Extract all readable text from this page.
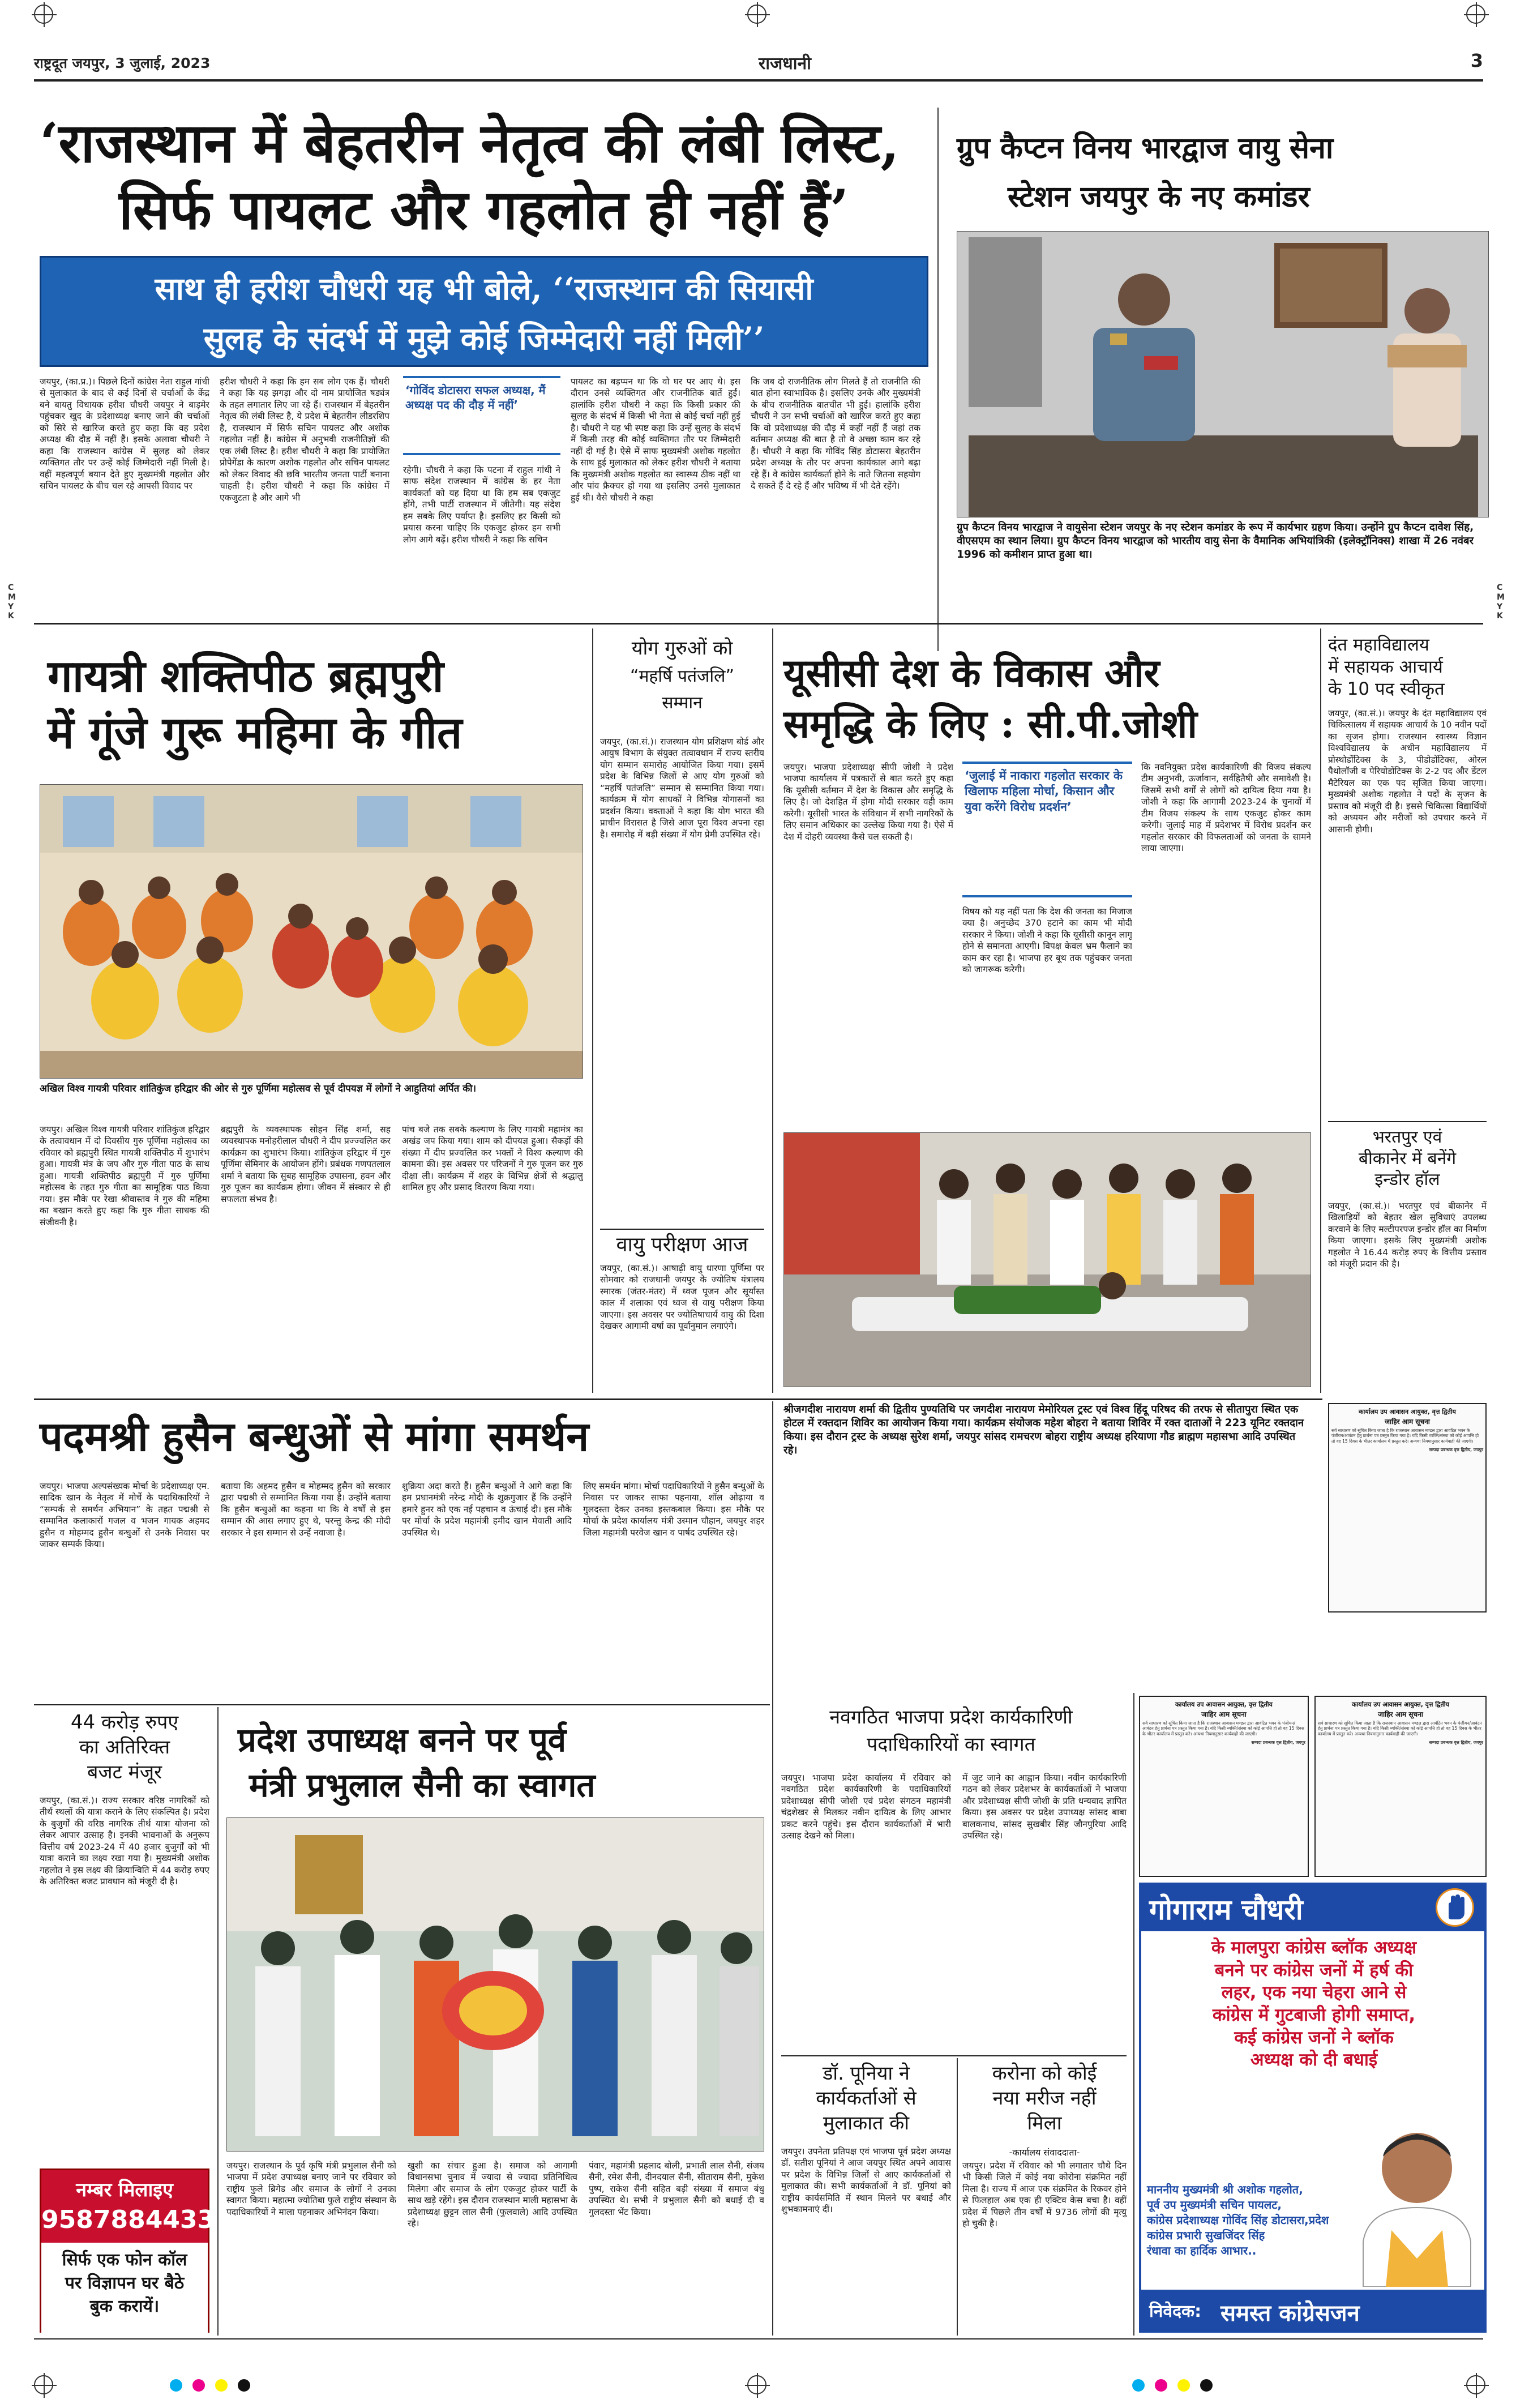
राष्ट्रदूत जयपुर, 3 जुलाई, 2023	राजधानी	3
‘राजस्थान में बेहतरीन नेतृत्व की लंबी लिस्ट,
सिर्फ पायलट और गहलोत ही नहीं हैं’
साथ ही हरीश चौधरी यह भी बोले, ‘‘राजस्थान की सियासी
सुलह के संदर्भ में मुझे कोई जिम्मेदारी नहीं मिली’’
जयपुर, (का.प्र.)। पिछले दिनों कांग्रेस नेता राहुल गांधी से मुलाकात के बाद से कई दिनों से चर्चाओं के केंद्र बने बायतु विधायक हरीश चौधरी जयपुर ने बाड़मेर पहुंचकर खुद के प्रदेशाध्यक्ष बनाए जाने की चर्चाओं को सिरे से खारिज करते हुए कहा कि वह प्रदेश अध्यक्ष की दौड़ में नहीं हैं। इसके अलावा चौधरी ने कहा कि राजस्थान कांग्रेस में सुलह को लेकर व्यक्तिगत तौर पर उन्हें कोई जिम्मेदारी नहीं मिली है। वहीं महत्वपूर्ण बयान देते हुए मुख्यमंत्री गहलोत और सचिन पायलट के बीच चल रहे आपसी विवाद पर
हरीश चौधरी ने कहा कि हम सब लोग एक हैं। चौधरी ने कहा कि यह झगड़ा और दो नाम प्रायोजित षड्यंत्र के तहत लगातार लिए जा रहे हैं। राजस्थान में बेहतरीन नेतृत्व की लंबी लिस्ट है, ये प्रदेश में बेहतरीन लीडरशिप है, राजस्थान में सिर्फ सचिन पायलट और अशोक गहलोत नहीं हैं। कांग्रेस में अनुभवी राजनीतिज्ञों की एक लंबी लिस्ट है। हरीश चौधरी ने कहा कि प्रायोजित प्रोपेगेंडा के कारण अशोक गहलोत और सचिन पायलट को लेकर विवाद की छवि भारतीय जनता पार्टी बनाना चाहती है। हरीश चौधरी ने कहा कि कांग्रेस में एकजुटता है और आगे भी
‘गोविंद डोटासरा सफल अध्यक्ष, मैं अध्यक्ष पद की दौड़ में नहीं’
रहेगी। चौधरी ने कहा कि पटना में राहुल गांधी ने साफ संदेश राजस्थान में कांग्रेस के हर नेता कार्यकर्ता को यह दिया था कि हम सब एकजुट होंगे, तभी पार्टी राजस्थान में जीतेगी। यह संदेश हम सबके लिए पर्याप्त है। इसलिए हर किसी को प्रयास करना चाहिए कि एकजुट होकर हम सभी लोग आगे बढ़ें। हरीश चौधरी ने कहा कि सचिन
पायलट का बड़प्पन था कि वो घर पर आए थे। इस दौरान उनसे व्यक्तिगत और राजनीतिक बातें हुईं। हालांकि हरीश चौधरी ने कहा कि किसी प्रकार की सुलह के संदर्भ में किसी भी नेता से कोई चर्चा नहीं हुई है। चौधरी ने यह भी स्पष्ट कहा कि उन्हें सुलह के संदर्भ में किसी तरह की कोई व्यक्तिगत तौर पर जिम्मेदारी नहीं दी गई है। ऐसे में साफ मुख्यमंत्री अशोक गहलोत के साथ हुई मुलाकात को लेकर हरीश चौधरी ने बताया कि मुख्यमंत्री अशोक गहलोत का स्वास्थ्य ठीक नहीं था और पांव फ्रैक्चर हो गया था इसलिए उनसे मुलाकात हुई थी। वैसे चौधरी ने कहा
कि जब दो राजनीतिक लोग मिलते हैं तो राजनीति की बात होना स्वाभाविक है। इसलिए उनके और मुख्यमंत्री के बीच राजनीतिक बातचीत भी हुई। हालांकि हरीश चौधरी ने उन सभी चर्चाओं को खारिज करते हुए कहा कि वो प्रदेशाध्यक्ष की दौड़ में कहीं नहीं हैं जहां तक वर्तमान अध्यक्ष की बात है तो वे अच्छा काम कर रहे हैं। चौधरी ने कहा कि गोविंद सिंह डोटासरा बेहतरीन प्रदेश अध्यक्ष के तौर पर अपना कार्यकाल आगे बढ़ा रहे हैं। वे कांग्रेस कार्यकर्ता होने के नाते जितना सहयोग दे सकते हैं दे रहे हैं और भविष्य में भी देते रहेंगे।
ग्रुप कैप्टन विनय भारद्वाज वायु सेना
स्टेशन जयपुर के नए कमांडर
ग्रुप कैप्टन विनय भारद्वाज ने वायुसेना स्टेशन जयपुर के नए स्टेशन कमांडर के रूप में कार्यभार ग्रहण किया। उन्होंने ग्रुप कैप्टन दावेश सिंह, वीएसएम का स्थान लिया। ग्रुप कैप्टन विनय भारद्वाज को भारतीय वायु सेना के वैमानिक अभियांत्रिकी (इलेक्ट्रॉनिक्स) शाखा में 26 नवंबर 1996 को कमीशन प्राप्त हुआ था।
C M Y K
C M Y K
गायत्री शक्तिपीठ ब्रह्मपुरी
में गूंजे गुरू महिमा के गीत
अखिल विश्व गायत्री परिवार शांतिकुंज हरिद्वार की ओर से गुरु पूर्णिमा महोत्सव से पूर्व दीपयज्ञ में लोगों ने आहुतियां अर्पित की।
जयपुर। अखिल विश्व गायत्री परिवार शांतिकुंज हरिद्वार के तत्वावधान में दो दिवसीय गुरु पूर्णिमा महोत्सव का रविवार को ब्रह्मपुरी स्थित गायत्री शक्तिपीठ में शुभारंभ हुआ। गायत्री मंत्र के जप और गुरु गीता पाठ के साथ हुआ। गायत्री शक्तिपीठ ब्रह्मपुरी में गुरु पूर्णिमा महोत्सव के तहत गुरु गीता का सामूहिक पाठ किया गया। इस मौके पर रेखा श्रीवास्तव ने गुरु की महिमा का बखान करते हुए कहा कि गुरु गीता साधक की संजीवनी है।
ब्रह्मपुरी के व्यवस्थापक सोहन सिंह शर्मा, सह व्यवस्थापक मनोहरीलाल चौधरी ने दीप प्रज्ज्वलित कर कार्यक्रम का शुभारंभ किया। शांतिकुंज हरिद्वार में गुरु पूर्णिमा सेमिनार के आयोजन होंगे। प्रबंधक गणपतलाल शर्मा ने बताया कि सुबह सामूहिक उपासना, हवन और गुरु पूजन का कार्यक्रम होगा। जीवन में संस्कार से ही सफलता संभव है।
पांच बजे तक सबके कल्याण के लिए गायत्री महामंत्र का अखंड जप किया गया। शाम को दीपयज्ञ हुआ। सैकड़ों की संख्या में दीप प्रज्वलित कर भक्तों ने विश्व कल्याण की कामना की। इस अवसर पर परिजनों ने गुरु पूजन कर गुरु दीक्षा ली। कार्यक्रम में शहर के विभिन्न क्षेत्रों से श्रद्धालु शामिल हुए और प्रसाद वितरण किया गया।
योग गुरुओं को
“महर्षि पतंजलि”
सम्मान
जयपुर, (का.सं.)। राजस्थान योग प्रशिक्षण बोर्ड और आयुष विभाग के संयुक्त तत्वावधान में राज्य स्तरीय योग सम्मान समारोह आयोजित किया गया। इसमें प्रदेश के विभिन्न जिलों से आए योग गुरुओं को “महर्षि पतंजलि” सम्मान से सम्मानित किया गया। कार्यक्रम में योग साधकों ने विभिन्न योगासनों का प्रदर्शन किया। वक्ताओं ने कहा कि योग भारत की प्राचीन विरासत है जिसे आज पूरा विश्व अपना रहा है। समारोह में बड़ी संख्या में योग प्रेमी उपस्थित रहे।
यूसीसी देश के विकास और
समृद्धि के लिए : सी.पी.जोशी
जयपुर। भाजपा प्रदेशाध्यक्ष सीपी जोशी ने प्रदेश भाजपा कार्यालय में पत्रकारों से बात करते हुए कहा कि यूसीसी वर्तमान में देश के विकास और समृद्धि के लिए है। जो देशहित में होगा मोदी सरकार वही काम करेगी। यूसीसी भारत के संविधान में सभी नागरिकों के लिए समान अधिकार का उल्लेख किया गया है। ऐसे में देश में दोहरी व्यवस्था कैसे चल सकती है।
‘जुलाई में नाकारा गहलोत सरकार के खिलाफ महिला मोर्चा, किसान और युवा करेंगे विरोध प्रदर्शन’
विषय को यह नहीं पता कि देश की जनता का मिजाज क्या है। अनुच्छेद 370 हटाने का काम भी मोदी सरकार ने किया। जोशी ने कहा कि यूसीसी कानून लागू होने से समानता आएगी। विपक्ष केवल भ्रम फैलाने का काम कर रहा है। भाजपा हर बूथ तक पहुंचकर जनता को जागरूक करेगी।
कि नवनियुक्त प्रदेश कार्यकारिणी की विजय संकल्प टीम अनुभवी, ऊर्जावान, सर्वहितैषी और समावेशी है। जिसमें सभी वर्गों से लोगों को दायित्व दिया गया है। जोशी ने कहा कि आगामी 2023-24 के चुनावों में टीम विजय संकल्प के साथ एकजुट होकर काम करेगी। जुलाई माह में प्रदेशभर में विरोध प्रदर्शन कर गहलोत सरकार की विफलताओं को जनता के सामने लाया जाएगा।
दंत महाविद्यालय
में सहायक आचार्य
के 10 पद स्वीकृत
जयपुर, (का.सं.)। जयपुर के दंत महाविद्यालय एवं चिकित्सालय में सहायक आचार्य के 10 नवीन पदों का सृजन होगा। राजस्थान स्वास्थ्य विज्ञान विश्वविद्यालय के अधीन महाविद्यालय में प्रोस्थोडोंटिक्स के 3, पीडोडोंटिक्स, ओरल पैथोलॉजी व पेरियोडोंटिक्स के 2-2 पद और डेंटल मैटेरियल का एक पद सृजित किया जाएगा। मुख्यमंत्री अशोक गहलोत ने पदों के सृजन के प्रस्ताव को मंजूरी दी है। इससे चिकित्सा विद्यार्थियों को अध्ययन और मरीजों को उपचार करने में आसानी होगी।
भरतपुर एवं
बीकानेर में बनेंगे
इन्डोर हॉल
जयपुर, (का.सं.)। भरतपुर एवं बीकानेर में खिलाड़ियों को बेहतर खेल सुविधाएं उपलब्ध करवाने के लिए मल्टीपरपज इन्डोर हॉल का निर्माण किया जाएगा। इसके लिए मुख्यमंत्री अशोक गहलोत ने 16.44 करोड़ रुपए के वित्तीय प्रस्ताव को मंजूरी प्रदान की है।
वायु परीक्षण आज
जयपुर, (का.सं.)। आषाढ़ी वायु धारणा पूर्णिमा पर सोमवार को राजधानी जयपुर के ज्योतिष यंत्रालय स्मारक (जंतर-मंतर) में ध्वज पूजन और सूर्यास्त काल में शलाका एवं ध्वज से वायु परीक्षण किया जाएगा। इस अवसर पर ज्योतिषाचार्य वायु की दिशा देखकर आगामी वर्षा का पूर्वानुमान लगाएंगे।
श्रीजगदीश नारायण शर्मा की द्वितीय पुण्यतिथि पर जगदीश नारायण मेमोरियल ट्रस्ट एवं विश्व हिंदू परिषद की तरफ से सीतापुरा स्थित एक होटल में रक्तदान शिविर का आयोजन किया गया। कार्यक्रम संयोजक महेश बोहरा ने बताया शिविर में रक्त दाताओं ने 223 यूनिट रक्तदान किया। इस दौरान ट्रस्ट के अध्यक्ष सुरेश शर्मा, जयपुर सांसद रामचरण बोहरा राष्ट्रीय अध्यक्ष हरियाणा गौड ब्राह्मण महासभा आदि उपस्थित रहे।
कार्यालय उप आवासन आयुक्त, वृत्त द्वितीय
जाहिर आम सूचना
सर्व साधारण को सूचित किया जाता है कि राजस्थान आवासन मण्डल द्वारा आवंटित भवन के पंजीयन/आवंटन हेतु प्रार्थना पत्र प्रस्तुत किया गया है। यदि किसी व्यक्ति/संस्था को कोई आपत्ति हो तो वह 15 दिवस के भीतर कार्यालय में प्रस्तुत करे। अन्यथा नियमानुसार कार्यवाही की जाएगी।
सम्पदा प्रबन्धक वृत्त द्वितीय, जयपुर
पदमश्री हुसैन बन्धुओं से मांगा समर्थन
जयपुर। भाजपा अल्पसंख्यक मोर्चा के प्रदेशाध्यक्ष एम. सादिक खान के नेतृत्व में मोर्चे के पदाधिकारियों ने “सम्पर्क से समर्थन अभियान” के तहत पद्मश्री से सम्मानित कलाकारों गजल व भजन गायक अहमद हुसैन व मोहम्मद हुसैन बन्धुओं से उनके निवास पर जाकर सम्पर्क किया।
बताया कि अहमद हुसैन व मोहम्मद हुसैन को सरकार द्वारा पद्मश्री से सम्मानित किया गया है। उन्होंने बताया कि हुसैन बन्धुओं का कहना था कि वे वर्षों से इस सम्मान की आस लगाए हुए थे, परन्तु केन्द्र की मोदी सरकार ने इस सम्मान से उन्हें नवाजा है।
शुक्रिया अदा करते हैं। हुसैन बन्धुओं ने आगे कहा कि हम प्रधानमंत्री नरेन्द्र मोदी के शुक्रगुजार हैं कि उन्होंने हमारे हुनर को एक नई पहचान व ऊंचाई दी। इस मौके पर मोर्चा के प्रदेश महामंत्री हमीद खान मेवाती आदि उपस्थित थे।
लिए समर्थन मांगा। मोर्चा पदाधिकारियों ने हुसैन बन्धुओं के निवास पर जाकर साफा पहनाया, शॉल ओढ़ाया व गुलदस्ता देकर उनका इस्तकबाल किया। इस मौके पर मोर्चा के प्रदेश कार्यालय मंत्री उस्मान चौहान, जयपुर शहर जिला महामंत्री परवेज खान व पार्षद उपस्थित रहे।
44 करोड़ रुपए
का अतिरिक्त
बजट मंजूर
जयपुर, (का.सं.)। राज्य सरकार वरिष्ठ नागरिकों को तीर्थ स्थलों की यात्रा कराने के लिए संकल्पित है। प्रदेश के बुजुर्गों की वरिष्ठ नागरिक तीर्थ यात्रा योजना को लेकर आपार उत्साह है। इनकी भावनाओं के अनुरूप वित्तीय वर्ष 2023-24 में 40 हजार बुजुर्गों को भी यात्रा कराने का लक्ष्य रखा गया है। मुख्यमंत्री अशोक गहलोत ने इस लक्ष्य की क्रियान्विति में 44 करोड़ रुपए के अतिरिक्त बजट प्रावधान को मंजूरी दी है।
नम्बर मिलाइए
9587884433
सिर्फ एक फोन कॉल
पर विज्ञापन घर बैठे
बुक करायें।
प्रदेश उपाध्यक्ष बनने पर पूर्व
मंत्री प्रभुलाल सैनी का स्वागत
जयपुर। राजस्थान के पूर्व कृषि मंत्री प्रभुलाल सैनी को भाजपा में प्रदेश उपाध्यक्ष बनाए जाने पर रविवार को राष्ट्रीय फुले ब्रिगेड और समाज के लोगों ने उनका स्वागत किया। महात्मा ज्योतिबा फुले राष्ट्रीय संस्थान के पदाधिकारियों ने माला पहनाकर अभिनंदन किया।
खुशी का संचार हुआ है। समाज को आगामी विधानसभा चुनाव में ज्यादा से ज्यादा प्रतिनिधित्व मिलेगा और समाज के लोग एकजुट होकर पार्टी के साथ खड़े रहेंगे। इस दौरान राजस्थान माली महासभा के प्रदेशाध्यक्ष छुट्टन लाल सैनी (फुलवाले) आदि उपस्थित रहे।
पंवार, महामंत्री प्रहलाद बोली, प्रभाती लाल सैनी, संजय सैनी, रमेश सैनी, दीनदयाल सैनी, सीताराम सैनी, मुकेश पुष्प, राकेश सैनी सहित बड़ी संख्या में समाज बंधु उपस्थित थे। सभी ने प्रभुलाल सैनी को बधाई दी व गुलदस्ता भेंट किया।
नवगठित भाजपा प्रदेश कार्यकारिणी
पदाधिकारियों का स्वागत
जयपुर। भाजपा प्रदेश कार्यालय में रविवार को नवगठित प्रदेश कार्यकारिणी के पदाधिकारियों प्रदेशाध्यक्ष सीपी जोशी एवं प्रदेश संगठन महामंत्री चंद्रशेखर से मिलकर नवीन दायित्व के लिए आभार प्रकट करने पहुंचे। इस दौरान कार्यकर्ताओं में भारी उत्साह देखने को मिला।
में जुट जाने का आह्वान किया। नवीन कार्यकारिणी गठन को लेकर प्रदेशभर के कार्यकर्ताओं ने भाजपा और प्रदेशाध्यक्ष सीपी जोशी के प्रति धन्यवाद ज्ञापित किया। इस अवसर पर प्रदेश उपाध्यक्ष सांसद बाबा बालकनाथ, सांसद सुखबीर सिंह जौनपुरिया आदि उपस्थित रहे।
डॉ. पूनिया ने
कार्यकर्ताओं से
मुलाकात की
जयपुर। उपनेता प्रतिपक्ष एवं भाजपा पूर्व प्रदेश अध्यक्ष डॉ. सतीश पूनियां ने आज जयपुर स्थित अपने आवास पर प्रदेश के विभिन्न जिलों से आए कार्यकर्ताओं से मुलाकात की। सभी कार्यकर्ताओं ने डॉ. पूनियां को राष्ट्रीय कार्यसमिति में स्थान मिलने पर बधाई और शुभकामनाएं दीं।
करोना को कोई
नया मरीज नहीं
मिला
-कार्यालय संवाददाता-
जयपुर। प्रदेश में रविवार को भी लगातार चौथे दिन भी किसी जिले में कोई नया कोरोना संक्रमित नहीं मिला है। राज्य में आज एक संक्रमित के रिकवर होने से फिलहाल अब एक ही एक्टिव केस बचा है। वहीं प्रदेश में पिछले तीन वर्षों में 9736 लोगों की मृत्यु हो चुकी है।
कार्यालय उप आवासन आयुक्त, वृत्त द्वितीय
जाहिर आम सूचना
सर्व साधारण को सूचित किया जाता है कि राजस्थान आवासन मण्डल द्वारा आवंटित भवन के पंजीयन/आवंटन हेतु प्रार्थना पत्र प्रस्तुत किया गया है। यदि किसी व्यक्ति/संस्था को कोई आपत्ति हो तो वह 15 दिवस के भीतर कार्यालय में प्रस्तुत करे। अन्यथा नियमानुसार कार्यवाही की जाएगी।
सम्पदा प्रबन्धक वृत्त द्वितीय, जयपुर
कार्यालय उप आवासन आयुक्त, वृत्त द्वितीय
जाहिर आम सूचना
सर्व साधारण को सूचित किया जाता है कि राजस्थान आवासन मण्डल द्वारा आवंटित भवन के पंजीयन/आवंटन हेतु प्रार्थना पत्र प्रस्तुत किया गया है। यदि किसी व्यक्ति/संस्था को कोई आपत्ति हो तो वह 15 दिवस के भीतर कार्यालय में प्रस्तुत करे। अन्यथा नियमानुसार कार्यवाही की जाएगी।
सम्पदा प्रबन्धक वृत्त द्वितीय, जयपुर
गोगाराम चौधरी
के मालपुरा कांग्रेस ब्लॉक अध्यक्ष
बनने पर कांग्रेस जनों में हर्ष की
लहर, एक नया चेहरा आने से
कांग्रेस में गुटबाजी होगी समाप्त,
कई कांग्रेस जनों ने ब्लॉक
अध्यक्ष को दी बधाई
माननीय मुख्यमंत्री श्री अशोक गहलोत,
पूर्व उप मुख्यमंत्री सचिन पायलट,
कांग्रेस प्रदेशाध्यक्ष गोविंद सिंह डोटासरा,प्रदेश
कांग्रेस प्रभारी सुखजिंदर सिंह
रंधावा का हार्दिक आभार..
निवेदक: समस्त कांग्रेसजन
